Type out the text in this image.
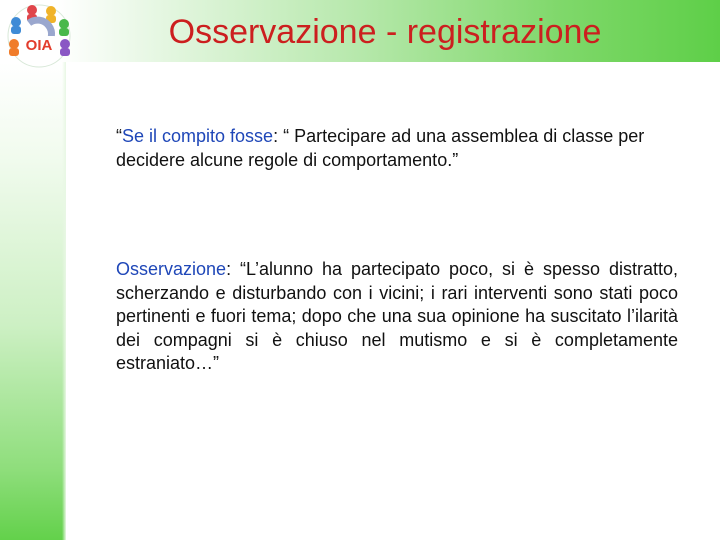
OIA	Osservazione - registrazione
“Se il compito fosse: “ Partecipare ad una assemblea di classe per decidere alcune regole di comportamento.”
Osservazione: “L’alunno ha partecipato poco, si è spesso distratto, scherzando e disturbando con i vicini; i rari interventi sono stati poco pertinenti e fuori tema; dopo che una sua opinione ha suscitato l’ilarità dei compagni si è chiuso nel mutismo e si è completamente estraniato…”
